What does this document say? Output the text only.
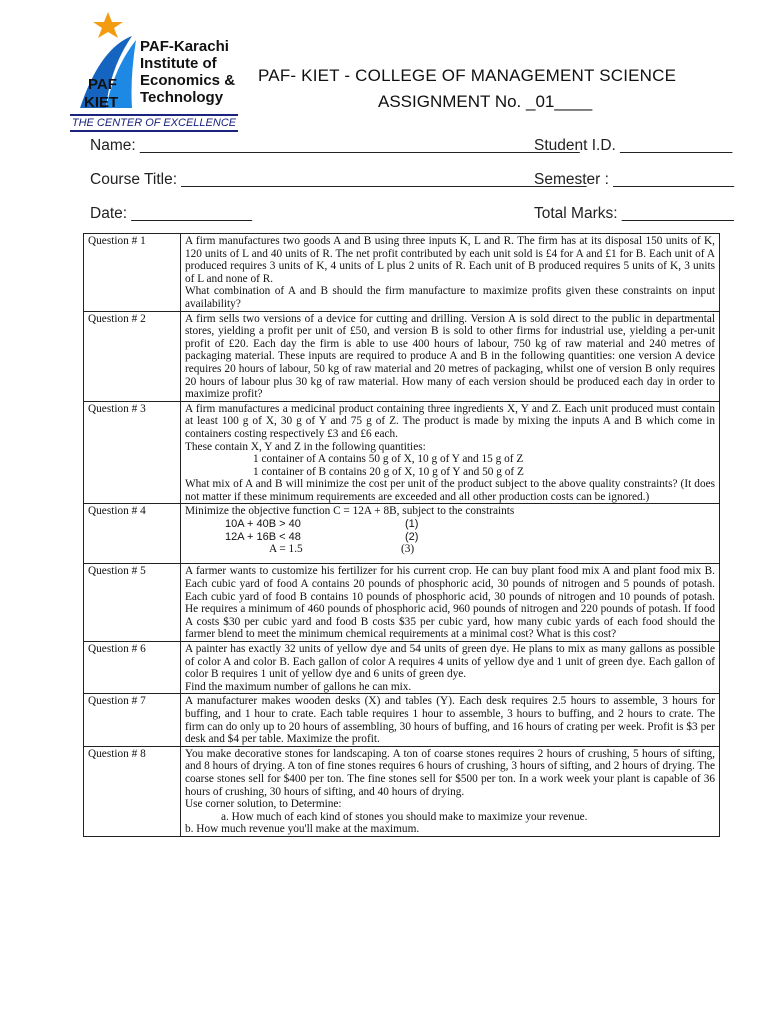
PAF-Karachi
Institute of
Economics &
Technology
PAF
KIET
THE CENTER OF EXCELLENCE
PAF- KIET - COLLEGE OF MANAGEMENT SCIENCE
ASSIGNMENT No. _01____
Name: ___________________________________________________
Student I.D. _____________
Course Title: _______________________________________________
Semester : ______________
Date: ______________	Total Marks: _____________
Question # 1	A firm manufactures two goods A and B using three inputs K, L and R. The firm has at its disposal 150 units of K, 120 units of L and 40 units of R. The net profit contributed by each unit sold is £4 for A and £1 for B. Each unit of A produced requires 3 units of K, 4 units of L plus 2 units of R. Each unit of B produced requires 5 units of K, 3 units of L and none of R.

What combination of A and B should the firm manufacture to maximize profits given these constraints on input availability?

Question # 2	A firm sells two versions of a device for cutting and drilling. Version A is sold direct to the public in departmental stores, yielding a profit per unit of £50, and version B is sold to other firms for industrial use, yielding a per-unit profit of £20. Each day the firm is able to use 400 hours of labour, 750 kg of raw material and 240 metres of packaging material. These inputs are required to produce A and B in the following quantities: one version A device requires 20 hours of labour, 50 kg of raw material and 20 metres of packaging, whilst one of version B only requires 20 hours of labour plus 30 kg of raw material. How many of each version should be produced each day in order to maximize profit?

Question # 3	A firm manufactures a medicinal product containing three ingredients X, Y and Z. Each unit produced must contain at least 100 g of X, 30 g of Y and 75 g of Z. The product is made by mixing the inputs A and B which come in containers costing respectively £3 and £6 each.

These contain X, Y and Z in the following quantities:

1 container of A contains 50 g of X, 10 g of Y and 15 g of Z

1 container of B contains 20 g of X, 10 g of Y and 50 g of Z

What mix of A and B will minimize the cost per unit of the product subject to the above quality constraints? (It does not matter if these minimum requirements are exceeded and all other production costs can be ignored.)

Question # 4	Minimize the objective function C = 12A + 8B, subject to the constraints

10A + 40B > 40 (1)

12A + 16B < 48 (2)

A = 1.5 (3)

Question # 5	A farmer wants to customize his fertilizer for his current crop. He can buy plant food mix A and plant food mix B. Each cubic yard of food A contains 20 pounds of phosphoric acid, 30 pounds of nitrogen and 5 pounds of potash. Each cubic yard of food B contains 10 pounds of phosphoric acid, 30 pounds of nitrogen and 10 pounds of potash. He requires a minimum of 460 pounds of phosphoric acid, 960 pounds of nitrogen and 220 pounds of potash. If food A costs $30 per cubic yard and food B costs $35 per cubic yard, how many cubic yards of each food should the farmer blend to meet the minimum chemical requirements at a minimal cost? What is this cost?

Question # 6	A painter has exactly 32 units of yellow dye and 54 units of green dye. He plans to mix as many gallons as possible of color A and color B. Each gallon of color A requires 4 units of yellow dye and 1 unit of green dye. Each gallon of color B requires 1 unit of yellow dye and 6 units of green dye.

Find the maximum number of gallons he can mix.

Question # 7	A manufacturer makes wooden desks (X) and tables (Y). Each desk requires 2.5 hours to assemble, 3 hours for buffing, and 1 hour to crate. Each table requires 1 hour to assemble, 3 hours to buffing, and 2 hours to crate. The firm can do only up to 20 hours of assembling, 30 hours of buffing, and 16 hours of crating per week. Profit is $3 per desk and $4 per table. Maximize the profit.

Question # 8	You make decorative stones for landscaping. A ton of coarse stones requires 2 hours of crushing, 5 hours of sifting, and 8 hours of drying. A ton of fine stones requires 6 hours of crushing, 3 hours of sifting, and 2 hours of drying. The coarse stones sell for $400 per ton. The fine stones sell for $500 per ton. In a work week your plant is capable of 36 hours of crushing, 30 hours of sifting, and 40 hours of drying.

Use corner solution, to Determine:

a. How much of each kind of stones you should make to maximize your revenue.

b. How much revenue you'll make at the maximum.
